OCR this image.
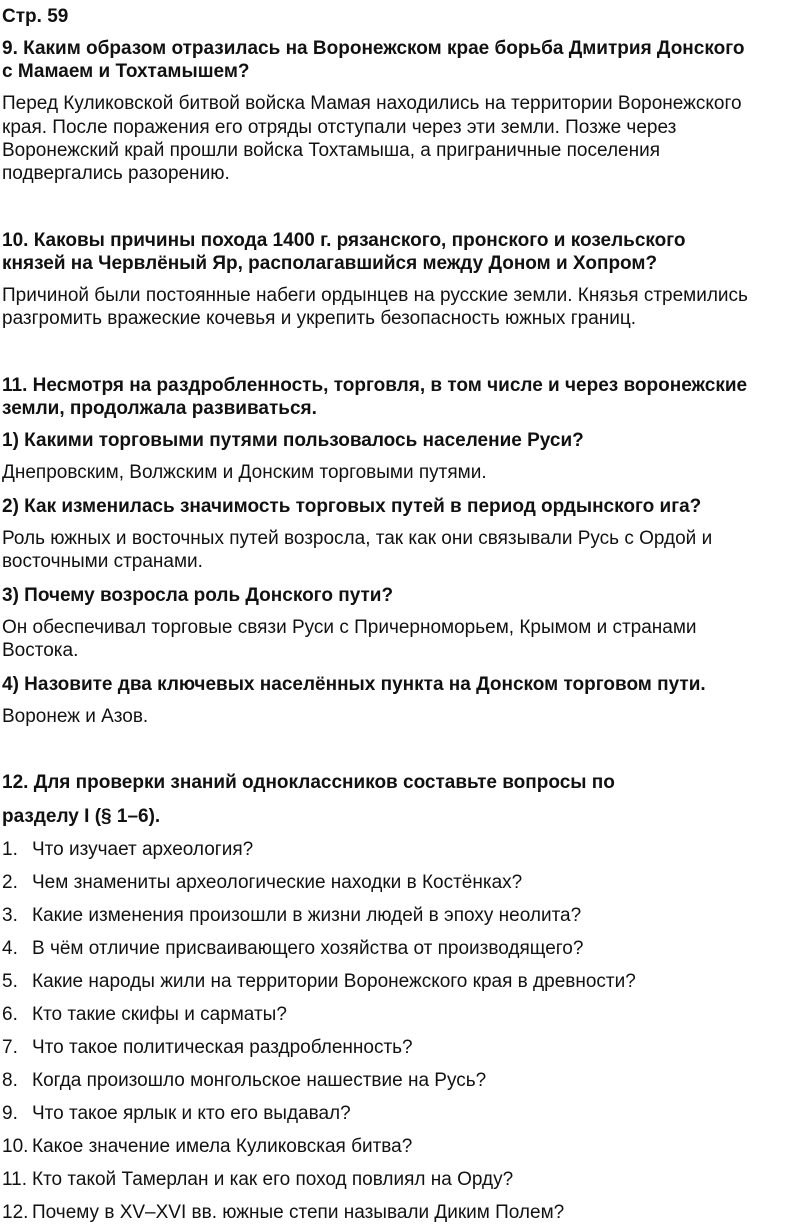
Стр. 59
9. Каким образом отразилась на Воронежском крае борьба Дмитрия Донского
с Мамаем и Тохтамышем?
Перед Куликовской битвой войска Мамая находились на территории Воронежского
края. После поражения его отряды отступали через эти земли. Позже через
Воронежский край прошли войска Тохтамыша, а приграничные поселения
подвергались разорению.
10. Каковы причины похода 1400 г. рязанского, пронского и козельского
князей на Червлёный Яр, располагавшийся между Доном и Хопром?
Причиной были постоянные набеги ордынцев на русские земли. Князья стремились
разгромить вражеские кочевья и укрепить безопасность южных границ.
11. Несмотря на раздробленность, торговля, в том числе и через воронежские
земли, продолжала развиваться.
1) Какими торговыми путями пользовалось население Руси?
Днепровским, Волжским и Донским торговыми путями.
2) Как изменилась значимость торговых путей в период ордынского ига?
Роль южных и восточных путей возросла, так как они связывали Русь с Ордой и
восточными странами.
3) Почему возросла роль Донского пути?
Он обеспечивал торговые связи Руси с Причерноморьем, Крымом и странами
Востока.
4) Назовите два ключевых населённых пункта на Донском торговом пути.
Воронеж и Азов.
12. Для проверки знаний одноклассников составьте вопросы по
разделу I (§ 1–6).
1. Что изучает археология?
2. Чем знамениты археологические находки в Костёнках?
3. Какие изменения произошли в жизни людей в эпоху неолита?
4. В чём отличие присваивающего хозяйства от производящего?
5. Какие народы жили на территории Воронежского края в древности?
6. Кто такие скифы и сарматы?
7. Что такое политическая раздробленность?
8. Когда произошло монгольское нашествие на Русь?
9. Что такое ярлык и кто его выдавал?
10. Какое значение имела Куликовская битва?
11. Кто такой Тамерлан и как его поход повлиял на Орду?
12. Почему в XV–XVI вв. южные степи называли Диким Полем?
